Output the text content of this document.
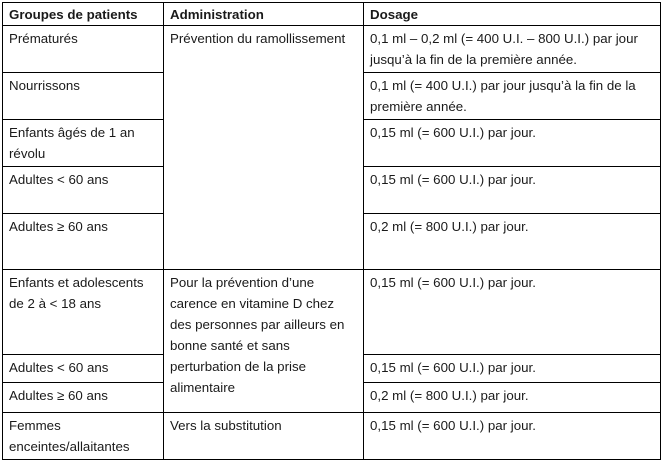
Groupes de patients	Administration	Dosage
Prématurés	Prévention du ramollissement	0,1 ml – 0,2 ml (= 400 U.I. – 800 U.I.) par jour jusqu’à la fin de la première année.
Nourrissons		0,1 ml (= 400 U.I.) par jour jusqu’à la fin de la première année.
Enfants âgés de 1 an révolu		0,15 ml (= 600 U.I.) par jour.
Adultes < 60 ans		0,15 ml (= 600 U.I.) par jour.
Adultes ≥ 60 ans		0,2 ml (= 800 U.I.) par jour.
Enfants et adolescents de 2 à < 18 ans	Pour la prévention d’une carence en vitamine D chez des personnes par ailleurs en bonne santé et sans perturbation de la prise alimentaire	0,15 ml (= 600 U.I.) par jour.
Adultes < 60 ans		0,15 ml (= 600 U.I.) par jour.
Adultes ≥ 60 ans		0,2 ml (= 800 U.I.) par jour.
Femmes enceintes/allaitantes	Vers la substitution	0,15 ml (= 600 U.I.) par jour.
